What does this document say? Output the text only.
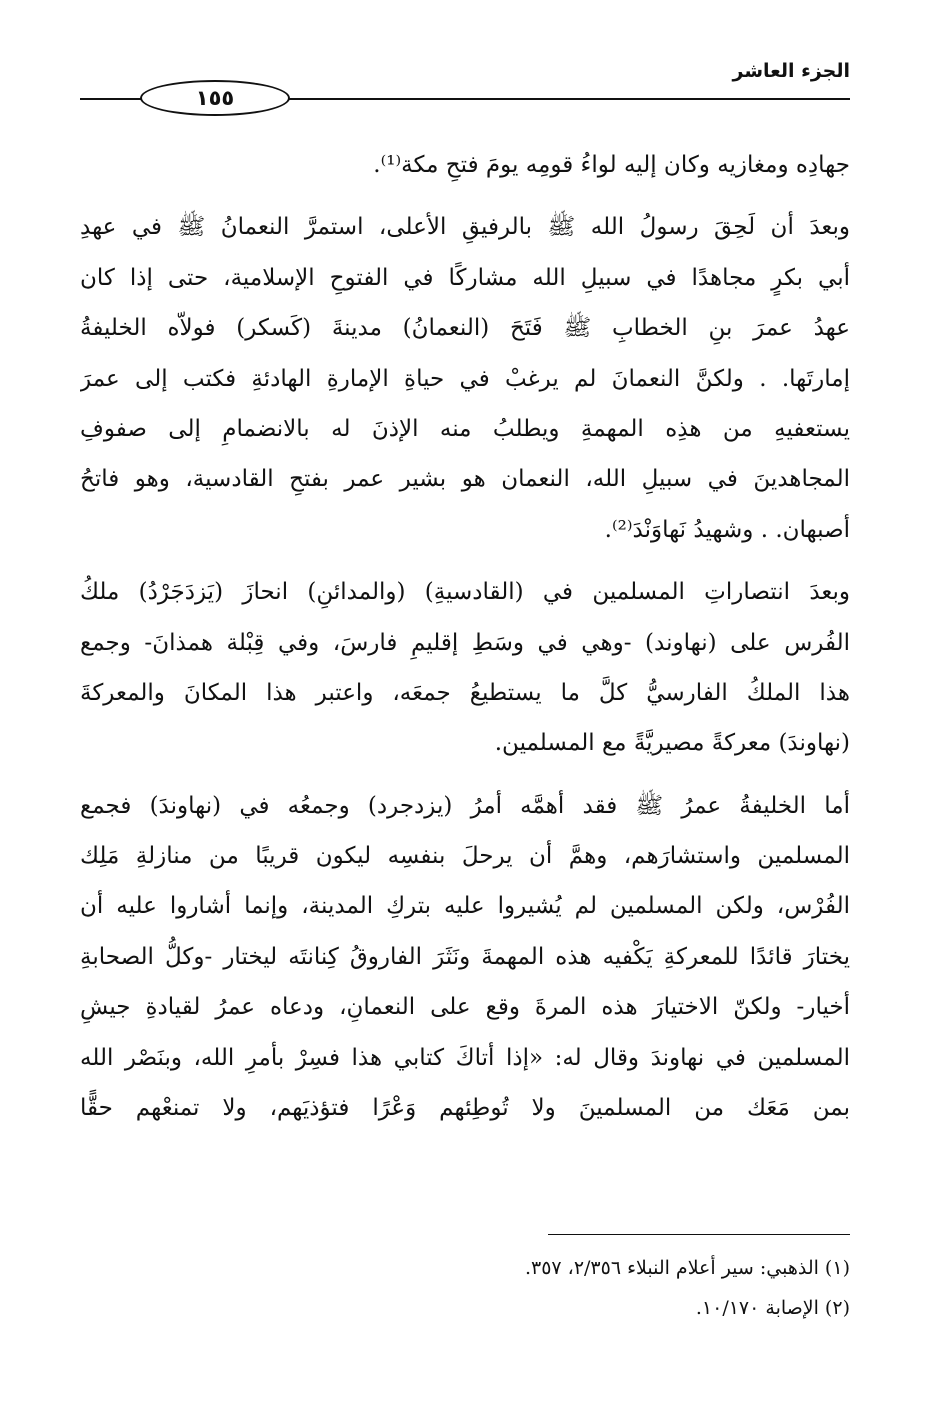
الجزء العاشر
١٥٥
جهادِه ومغازيه وكان إليه لواءُ قومِه يومَ فتحِ مكة⁽¹⁾.
وبعدَ أن لَحِقَ رسولُ الله ﷺ بالرفيقِ الأعلى، استمرَّ النعمانُ ﷺ في عهدِ
أبي بكرٍ مجاهدًا في سبيلِ الله مشاركًا في الفتوحِ الإسلامية، حتى إذا كان
عهدُ عمرَ بنِ الخطابِ ﷺ فَتَحَ (النعمانُ) مدينةَ (كَسكر) فولاّه الخليفةُ
إمارتَها. . ولكنَّ النعمانَ لم يرغبْ في حياةِ الإمارةِ الهادئةِ فكتب إلى عمرَ
يستعفيهِ من هذِه المهمةِ ويطلبُ منه الإذنَ له بالانضمامِ إلى صفوفِ
المجاهدينَ في سبيلِ الله، النعمان هو بشير عمر بفتحِ القادسية، وهو فاتحُ
أصبهان. . وشهيدُ نَهاوَنْدَ⁽²⁾.
وبعدَ انتصاراتِ المسلمين في (القادسيةِ) (والمدائنِ) انحازَ (يَزدَجَرْدُ) ملكُ
الفُرس على (نهاوند) -وهي في وسَطِ إقليمِ فارسَ، وفي قِبْلة همذانَ- وجمع
هذا الملكُ الفارسيُّ كلَّ ما يستطيعُ جمعَه، واعتبر هذا المكانَ والمعركةَ
(نهاوندَ) معركةً مصيريَّةً مع المسلمين.
أما الخليفةُ عمرُ ﷺ فقد أهمَّه أمرُ (يزدجرد) وجمعُه في (نهاوندَ) فجمع
المسلمين واستشارَهم، وهمَّ أن يرحلَ بنفسِه ليكون قريبًا من منازلةِ مَلِك
الفُرْس، ولكن المسلمين لم يُشيروا عليه بتركِ المدينة، وإنما أشاروا عليه أن
يختارَ قائدًا للمعركةِ يَكْفيه هذه المهمةَ ونَثَرَ الفاروقُ كِنانتَه ليختار -وكلُّ الصحابةِ
أخيار- ولكنّ الاختيارَ هذه المرةَ وقع على النعمانِ، ودعاه عمرُ لقيادةِ جيشِ
المسلمين في نهاوندَ وقال له: «إذا أتاكَ كتابي هذا فسِرْ بأمرِ الله، وبنَصْر الله
بمن مَعَك من المسلمينَ ولا تُوطِئهم وَعْرًا فتؤذيَهم، ولا تمنعْهم حقًّا
(١) الذهبي: سير أعلام النبلاء ٢/٣٥٦، ٣٥٧.
(٢) الإصابة ١٠/١٧٠.
